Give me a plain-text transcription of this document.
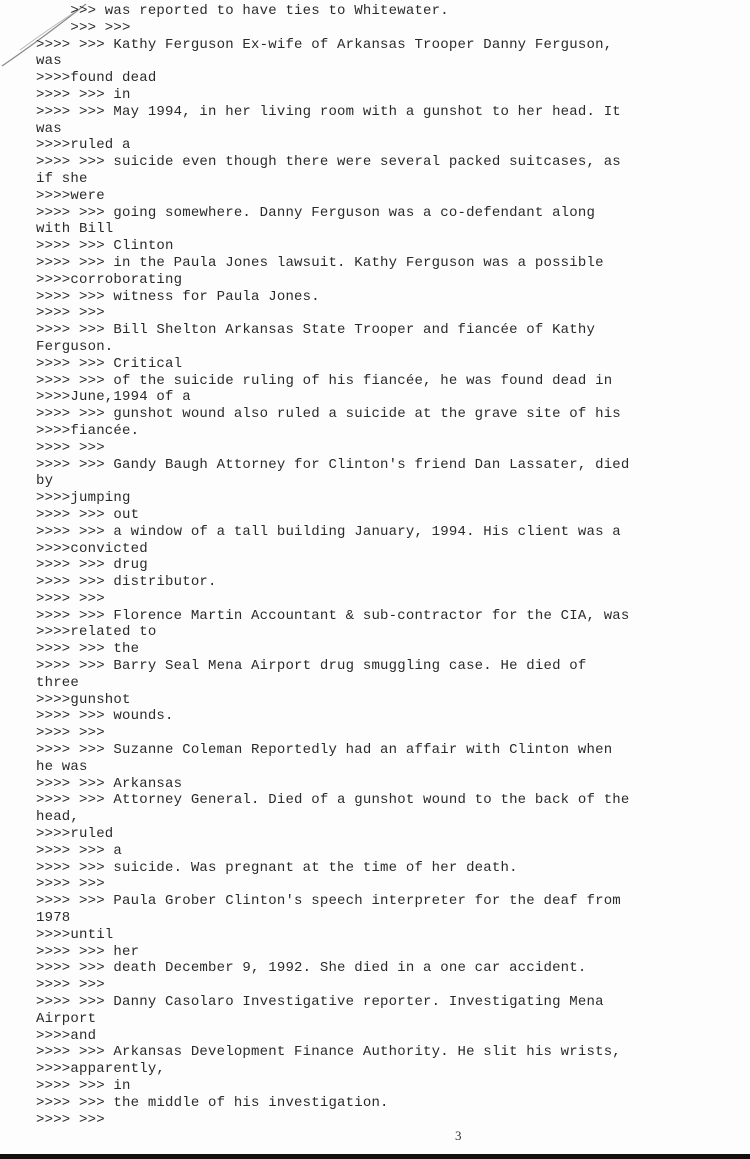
>>> was reported to have ties to Whitewater.
>>> >>>
>>>> >>> Kathy Ferguson Ex-wife of Arkansas Trooper Danny Ferguson,
was
>>>>found dead
>>>> >>> in
>>>> >>> May 1994, in her living room with a gunshot to her head. It
was
>>>>ruled a
>>>> >>> suicide even though there were several packed suitcases, as
if she
>>>>were
>>>> >>> going somewhere. Danny Ferguson was a co-defendant along
with Bill
>>>> >>> Clinton
>>>> >>> in the Paula Jones lawsuit. Kathy Ferguson was a possible
>>>>corroborating
>>>> >>> witness for Paula Jones.
>>>> >>>
>>>> >>> Bill Shelton Arkansas State Trooper and fiancée of Kathy
Ferguson.
>>>> >>> Critical
>>>> >>> of the suicide ruling of his fiancée, he was found dead in
>>>>June,1994 of a
>>>> >>> gunshot wound also ruled a suicide at the grave site of his
>>>>fiancée.
>>>> >>>
>>>> >>> Gandy Baugh Attorney for Clinton's friend Dan Lassater, died
by
>>>>jumping
>>>> >>> out
>>>> >>> a window of a tall building January, 1994. His client was a
>>>>convicted
>>>> >>> drug
>>>> >>> distributor.
>>>> >>>
>>>> >>> Florence Martin Accountant & sub-contractor for the CIA, was
>>>>related to
>>>> >>> the
>>>> >>> Barry Seal Mena Airport drug smuggling case. He died of
three
>>>>gunshot
>>>> >>> wounds.
>>>> >>>
>>>> >>> Suzanne Coleman Reportedly had an affair with Clinton when
he was
>>>> >>> Arkansas
>>>> >>> Attorney General. Died of a gunshot wound to the back of the
head,
>>>>ruled
>>>> >>> a
>>>> >>> suicide. Was pregnant at the time of her death.
>>>> >>>
>>>> >>> Paula Grober Clinton's speech interpreter for the deaf from
1978
>>>>until
>>>> >>> her
>>>> >>> death December 9, 1992. She died in a one car accident.
>>>> >>>
>>>> >>> Danny Casolaro Investigative reporter. Investigating Mena
Airport
>>>>and
>>>> >>> Arkansas Development Finance Authority. He slit his wrists,
>>>>apparently,
>>>> >>> in
>>>> >>> the middle of his investigation.
>>>> >>>
3
